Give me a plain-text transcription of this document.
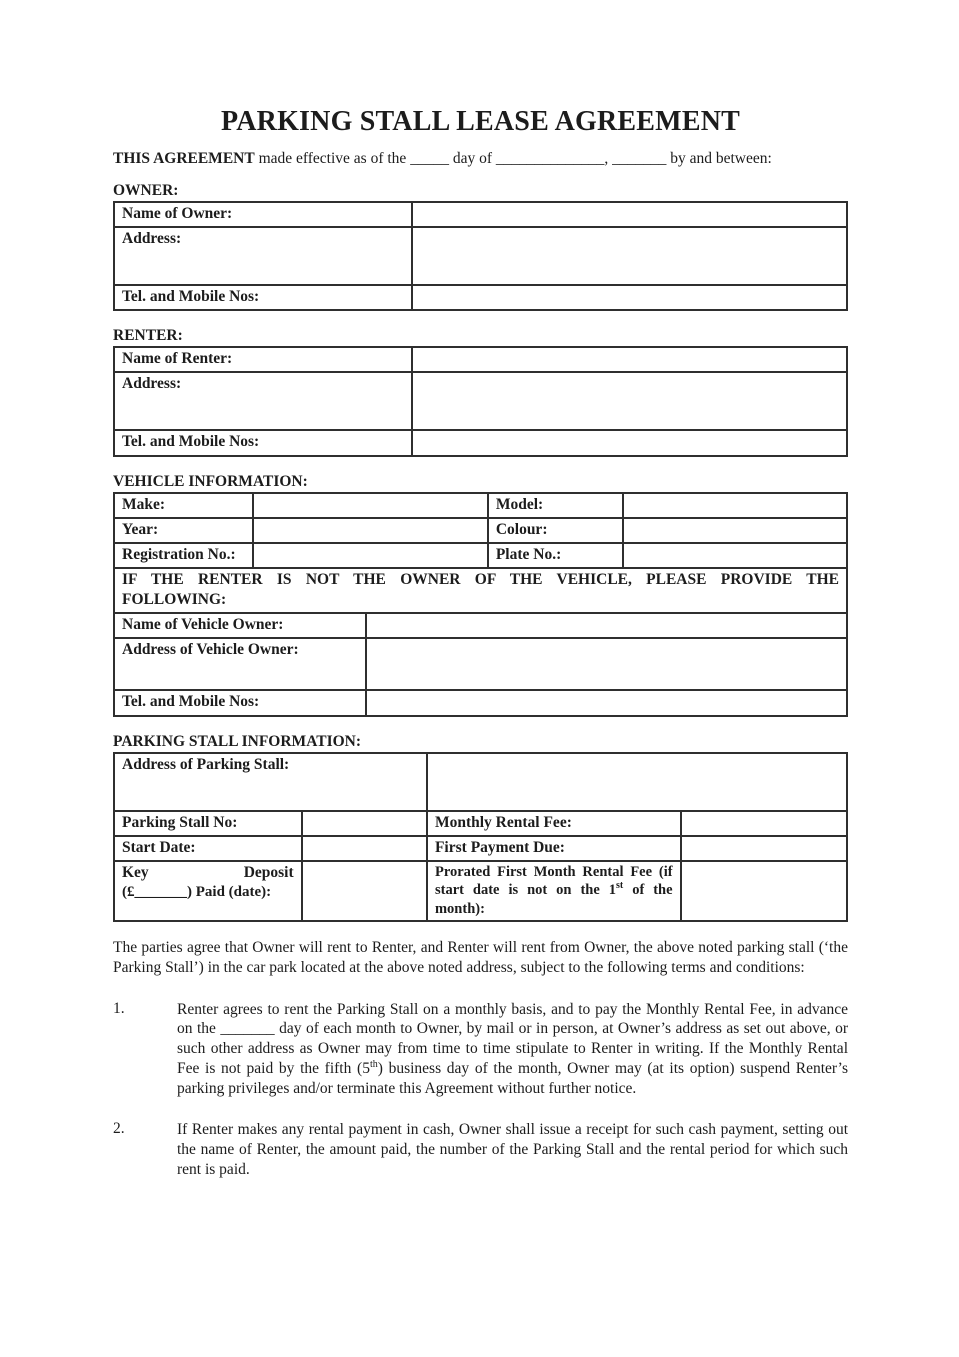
PARKING STALL LEASE AGREEMENT

THIS AGREEMENT made effective as of the _____ day of ______________, _______ by and between:

OWNER:
Name of Owner:	
Address:	
Tel. and Mobile Nos:	
RENTER:
Name of Renter:	
Address:	
Tel. and Mobile Nos:	
VEHICLE INFORMATION:
Make:		Model:	
Year:		Colour:	
Registration No.:		Plate No.:	
IF THE RENTER IS NOT THE OWNER OF THE VEHICLE, PLEASE PROVIDE THE FOLLOWING:
Name of Vehicle Owner:	
Address of Vehicle Owner:	
Tel. and Mobile Nos:	
PARKING STALL INFORMATION:
Address of Parking Stall:	
Parking Stall No:		Monthly Rental Fee:	
Start Date:		First Payment Due:	

Key Deposit
(£_______) Paid (date):		Prorated First Month Rental Fee (if start date is not on the 1st of the month):	

The parties agree that Owner will rent to Renter, and Renter will rent from Owner, the above noted parking stall (‘the Parking Stall’) in the car park located at the above noted address, subject to the following terms and conditions:

1.	Renter agrees to rent the Parking Stall on a monthly basis, and to pay the Monthly Rental Fee, in advance on the _______ day of each month to Owner, by mail or in person, at Owner’s address as set out above, or such other address as Owner may from time to time stipulate to Renter in writing. If the Monthly Rental Fee is not paid by the fifth (5th) business day of the month, Owner may (at its option) suspend Renter’s parking privileges and/or terminate this Agreement without further notice.
2.	If Renter makes any rental payment in cash, Owner shall issue a receipt for such cash payment, setting out the name of Renter, the amount paid, the number of the Parking Stall and the rental period for which such rent is paid.
